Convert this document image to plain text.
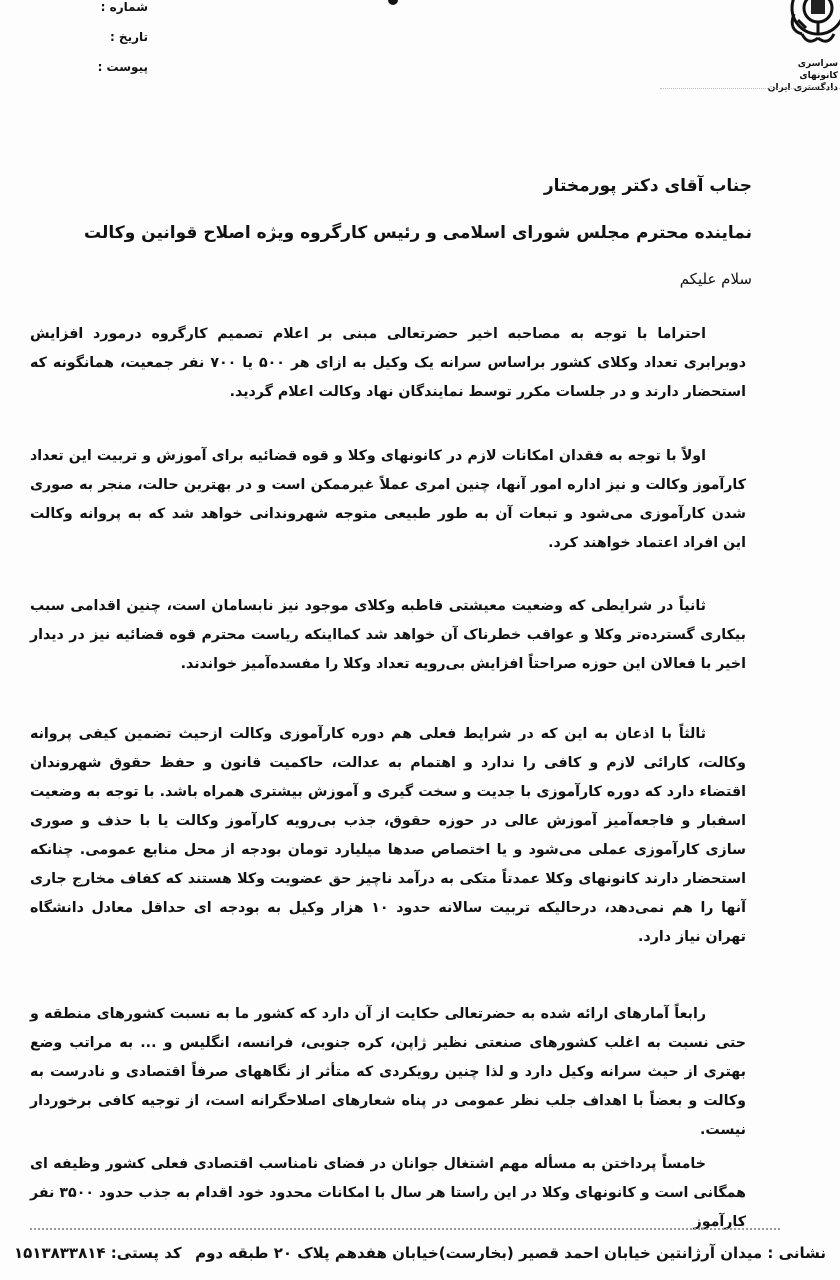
شماره :
تاریخ :
پیوست :	سراسری کانونهای
دادگستری ایران
جناب آقای دکتر پورمختار
نماینده محترم مجلس شورای اسلامی و رئیس کارگروه ویژه اصلاح قوانین وکالت
سلام علیکم
احتراما با توجه به مصاحبه اخیر حضرتعالی مبنی بر اعلام تصمیم کارگروه درمورد افزایش دوبرابری تعداد وکلای کشور براساس سرانه یک وکیل به ازای هر ۵۰۰ یا ۷۰۰ نفر جمعیت، همانگونه که استحضار دارند و در جلسات مکرر توسط نمایندگان نهاد وکالت اعلام گردید.
اولاً با توجه به فقدان امکانات لازم در کانونهای وکلا و قوه قضائیه برای آموزش و تربیت این تعداد کارآموز وکالت و نیز اداره امور آنها، چنین امری عملاً غیرممکن است و در بهترین حالت، منجر به صوری شدن کارآموزی می‌شود و تبعات آن به طور طبیعی متوجه شهروندانی خواهد شد که به پروانه وکالت این افراد اعتماد خواهند کرد.
ثانیاً در شرایطی که وضعیت معیشتی قاطبه وکلای موجود نیز نابسامان است، چنین اقدامی سبب بیکاری گسترده‌تر وکلا و عواقب خطرناک آن خواهد شد کمااینکه ریاست محترم قوه قضائیه نیز در دیدار اخیر با فعالان این حوزه صراحتاً افزایش بی‌رویه تعداد وکلا را مفسده‌آمیز خواندند.
ثالثاً با اذعان به این که در شرایط فعلی هم دوره کارآموزی وکالت ازحیث تضمین کیفی پروانه وکالت، کارائی لازم و کافی را ندارد و اهتمام به عدالت، حاکمیت قانون و حفظ حقوق شهروندان اقتضاء دارد که دوره کارآموزی با جدیت و سخت گیری و آموزش بیشتری همراه باشد. با توجه به وضعیت اسفبار و فاجعه‌آمیز آموزش عالی در حوزه حقوق، جذب بی‌رویه کارآموز وکالت یا با حذف و صوری سازی کارآموزی عملی می‌شود و یا اختصاص صدها میلیارد تومان بودجه از محل منابع عمومی. چنانکه استحضار دارند کانونهای وکلا عمدتاً متکی به درآمد ناچیز حق عضویت وکلا هستند که کفاف مخارج جاری آنها را هم نمی‌دهد، درحالیکه تربیت سالانه حدود ۱۰ هزار وکیل به بودجه ای حداقل معادل دانشگاه تهران نیاز دارد.
رابعاً آمارهای ارائه شده به حضرتعالی حکایت از آن دارد که کشور ما به نسبت کشورهای منطقه و حتی نسبت به اغلب کشورهای صنعتی نظیر ژاپن، کره جنوبی، فرانسه، انگلیس و ... به مراتب وضع بهتری از حیث سرانه وکیل دارد و لذا چنین رویکردی که متأثر از نگاههای صرفاً اقتصادی و نادرست به وکالت و بعضاً با اهداف جلب نظر عمومی در پناه شعارهای اصلاحگرانه است، از توجیه کافی برخوردار نیست.
خامساً پرداختن به مسأله مهم اشتغال جوانان در فضای نامناسب اقتصادی فعلی کشور وظیفه ای همگانی است و کانونهای وکلا در این راستا هر سال با امکانات محدود خود اقدام به جذب حدود ۳۵۰۰ نفر کارآموز
نشانی : میدان آرژانتین خیابان احمد قصیر (بخارست)خیابان هفدهم پلاک ۲۰ طبقه دوم
کد پستی: ۱۵۱۳۸۳۳۸۱۴
